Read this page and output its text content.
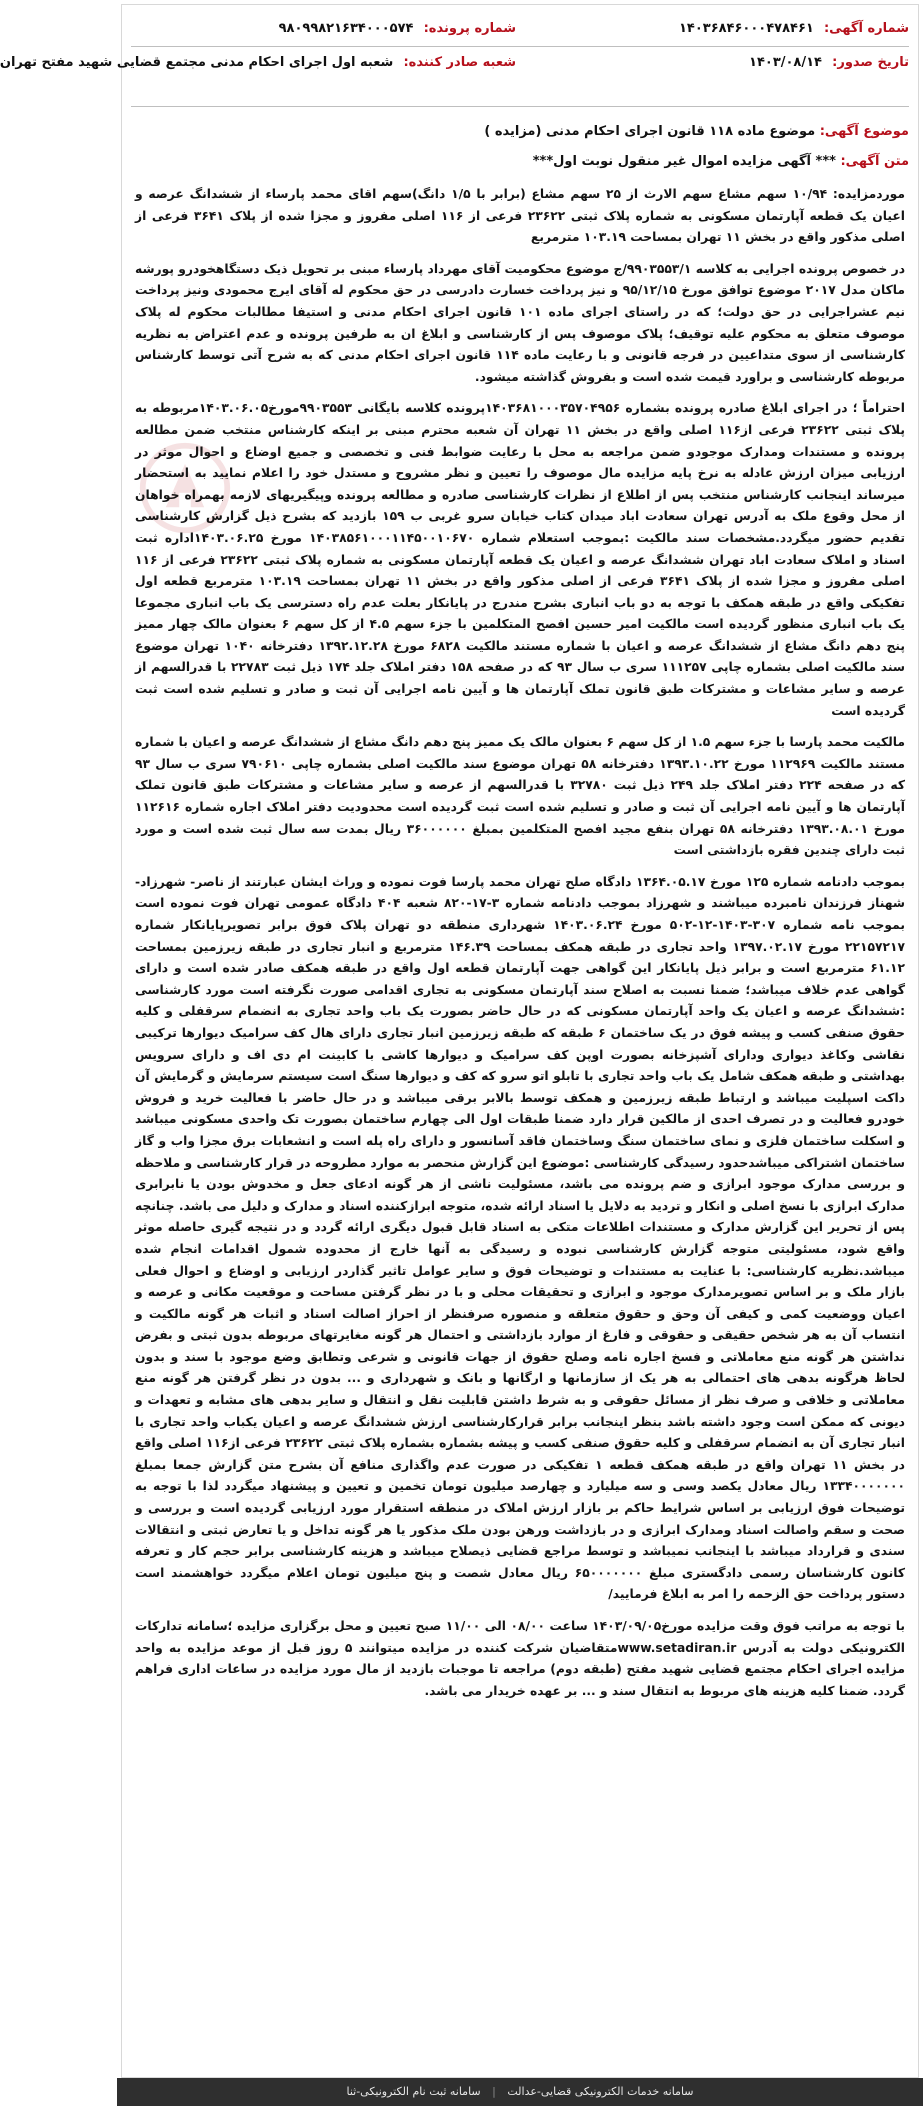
شماره آگهی: ۱۴۰۳۶۸۴۶۰۰۰۴۷۸۴۶۱
شماره پرونده: ۹۸۰۹۹۸۲۱۶۳۴۰۰۰۵۷۴
تاریخ صدور: ۱۴۰۳/۰۸/۱۴
شعبه صادر کننده: شعبه اول اجرای احکام مدنی مجتمع قضایی شهید مفتح تهران
موضوع آگهی: موضوع ماده ۱۱۸ قانون اجرای احکام مدنی (مزایده )
متن آگهی: *** آگهی مزایده اموال غیر منقول نوبت اول***

موردمزایده: ۱۰/۹۴ سهم مشاع سهم الارث از ۲۵ سهم مشاع (برابر با ۱/۵ دانگ)سهم اقای محمد پارساء از ششدانگ عرصه و اعیان یک قطعه آپارتمان مسکونی به شماره پلاک ثبتی ۲۳۶۲۲ فرعی از ۱۱۶ اصلی مفروز و مجزا شده از پلاک ۳۶۴۱ فرعی از اصلی مذکور واقع در بخش ۱۱ تهران بمساحت ۱۰۳.۱۹ مترمربع

در خصوص پرونده اجرایی به کلاسه ۹۹۰۳۵۵۳/۱/ج موضوع محکومیت آقای مهرداد پارساء مبنی بر تحویل ذیک دستگاهخودرو پورشه ماکان مدل ۲۰۱۷ موضوع توافق مورخ ۹۵/۱۲/۱۵ و نیز پرداخت خسارت دادرسی در حق محکوم له آقای ایرج محمودی ونیز پرداخت نیم عشراجرایی در حق دولت؛ که در راستای اجرای ماده ۱۰۱ قانون اجرای احکام مدنی و استیفا مطالبات محکوم له پلاک موصوف متعلق به محکوم علیه توقیف؛ پلاک موصوف پس از کارشناسی و ابلاغ ان به طرفین پرونده و عدم اعتراض به نظریه کارشناسی از سوی متداعیین در فرجه قانونی و با رعایت ماده ۱۱۴ قانون اجرای احکام مدنی که به شرح آتی توسط کارشناس مربوطه کارشناسی و براورد قیمت شده است و بفروش گذاشته میشود.

احتراماً ؛ در اجرای ابلاغ صادره پرونده بشماره ۱۴۰۳۶۸۱۰۰۰۳۵۷۰۴۹۵۶پرونده کلاسه بایگانی ۹۹۰۳۵۵۳مورخ۱۴۰۳.۰۶.۰۵مربوطه به پلاک ثبتی ۲۳۶۲۲ فرعی از۱۱۶ اصلی واقع در بخش ۱۱ تهران آن شعبه محترم مبنی بر اینکه کارشناس منتخب ضمن مطالعه پرونده و مستندات ومدارک موجودو ضمن مراجعه به محل با رعایت ضوابط فنی و تخصصی و جمیع اوضاع و احوال موثر در ارزیابی میزان ارزش عادله به نرخ پایه مزایده مال موصوف را تعیین و نظر مشروح و مستدل خود را اعلام نمایید به استحضار میرساند اینجانب کارشناس منتخب پس از اطلاع از نظرات کارشناسی صادره و مطالعه پرونده وپیگیریهای لازمه بهمراه خواهان از محل وقوع ملک به آدرس تهران سعادت اباد میدان کتاب خیابان سرو غربی ب ۱۵۹ بازدید که بشرح ذیل گزارش کارشناسی تقدیم حضور میگردد.مشخصات سند مالکیت :بموجب استعلام شماره ۱۴۰۳۸۵۶۱۰۰۰۱۱۴۵۰۰۱۰۶۷۰ مورخ ۱۴۰۳.۰۶.۲۵اداره ثبت اسناد و املاک سعادت اباد تهران ششدانگ عرصه و اعیان یک قطعه آپارتمان مسکونی به شماره پلاک ثبتی ۲۳۶۲۲ فرعی از ۱۱۶ اصلی مفروز و مجزا شده از پلاک ۳۶۴۱ فرعی از اصلی مذکور واقع در بخش ۱۱ تهران بمساحت ۱۰۳.۱۹ مترمربع قطعه اول تفکیکی واقع در طبقه همکف با توجه به دو باب انباری بشرح مندرج در پایانکار بعلت عدم راه دسترسی یک باب انباری مجموعا یک باب انباری منظور گردیده است مالکیت امیر حسین افصح المتکلمین با جزء سهم ۴.۵ از کل سهم ۶ بعنوان مالک چهار ممیز پنج دهم دانگ مشاع از ششدانگ عرصه و اعیان با شماره مستند مالکیت ۶۸۲۸ مورخ ۱۳۹۲.۱۲.۲۸ دفترخانه ۱۰۴۰ تهران موضوع سند مالکیت اصلی بشماره چاپی ۱۱۱۲۵۷ سری ب سال ۹۳ که در صفحه ۱۵۸ دفتر املاک جلد ۱۷۴ ذیل ثبت ۲۲۷۸۳ با قدرالسهم از عرصه و سایر مشاعات و مشترکات طبق قانون تملک آپارتمان ها و آیین نامه اجرایی آن ثبت و صادر و تسلیم شده است ثبت گردیده است

مالکیت محمد پارسا با جزء سهم ۱.۵ از کل سهم ۶ بعنوان مالک یک ممیز پنج دهم دانگ مشاع از ششدانگ عرصه و اعیان با شماره مستند مالکیت ۱۱۲۹۶۹ مورخ ۱۳۹۳.۱۰.۲۲ دفترخانه ۵۸ تهران موضوع سند مالکیت اصلی بشماره چاپی ۷۹۰۶۱۰ سری ب سال ۹۳ که در صفحه ۲۲۴ دفتر املاک جلد ۲۴۹ ذیل ثبت ۳۲۷۸۰ با قدرالسهم از عرصه و سایر مشاعات و مشترکات طبق قانون تملک آپارتمان ها و آیین نامه اجرایی آن ثبت و صادر و تسلیم شده است ثبت گردیده است محدودیت دفتر املاک اجاره شماره ۱۱۲۶۱۶ مورخ ۱۳۹۳.۰۸.۰۱ دفترخانه ۵۸ تهران بنفع مجید افصح المتکلمین بمبلغ ۳۶۰۰۰۰۰۰ ریال بمدت سه سال ثبت شده است و مورد ثبت دارای چندین فقره بازداشتی است

بموجب دادنامه شماره ۱۲۵ مورخ ۱۳۶۴.۰۵.۱۷ دادگاه صلح تهران محمد پارسا فوت نموده و وراث ایشان عبارتند از ناصر- شهرزاد-شهناز فرزندان نامبرده میباشند و شهرزاد بموجب دادنامه شماره ۳-۱۷-۸۲۰ شعبه ۴۰۴ دادگاه عمومی تهران فوت نموده است بموجب نامه شماره ۳۰۷-۱۴۰۳-۱۲-۵۰۲ مورخ ۱۴۰۳.۰۶.۲۴ شهرداری منطقه دو تهران پلاک فوق برابر تصویرپایانکار شماره ۲۲۱۵۷۲۱۷ مورخ ۱۳۹۷.۰۲.۱۷ واحد تجاری در طبقه همکف بمساحت ۱۴۶.۳۹ مترمربع و انبار تجاری در طبقه زیرزمین بمساحت ۶۱.۱۲ مترمربع است و برابر ذیل پایانکار این گواهی جهت آپارتمان قطعه اول واقع در طبقه همکف صادر شده است و دارای گواهی عدم خلاف میباشد؛ ضمنا نسبت به اصلاح سند آپارتمان مسکونی به تجاری اقدامی صورت نگرفته است مورد کارشناسی :ششدانگ عرصه و اعیان یک واحد آپارتمان مسکونی که در حال حاضر بصورت یک باب واحد تجاری به انضمام سرقفلی و کلیه حقوق صنفی کسب و پیشه فوق در یک ساختمان ۶ طبقه که طبقه زیرزمین انبار تجاری دارای هال کف سرامیک دیوارها ترکیبی نقاشی وکاغذ دیواری ودارای آشپزخانه بصورت اوپن کف سرامیک و دیوارها کاشی با کابینت ام دی اف و دارای سرویس بهداشتی و طبقه همکف شامل یک باب واحد تجاری با تابلو اتو سرو که کف و دیوارها سنگ است سیستم سرمایش و گرمایش آن داکت اسپلیت میباشد و ارتباط طبقه زیرزمین و همکف توسط بالابر برقی میباشد و در حال حاضر با فعالیت خرید و فروش خودرو فعالیت و در تصرف احدی از مالکین قرار دارد ضمنا طبقات اول الی چهارم ساختمان بصورت تک واحدی مسکونی میباشد و اسکلت ساختمان فلزی و نمای ساختمان سنگ وساختمان فاقد آسانسور و دارای راه پله است و انشعابات برق مجزا واب و گاز ساختمان اشتراکی میباشدحدود رسیدگی کارشناسی :موضوع این گزارش منحصر به موارد مطروحه در قرار کارشناسی و ملاحظه و بررسی مدارک موجود ابرازی و ضم پرونده می باشد، مسئولیت ناشی از هر گونه ادعای جعل و مخدوش بودن یا نابرابری مدارک ابرازی با نسخ اصلی و انکار و تردید به دلایل یا اسناد ارائه شده، متوجه ابرازکننده اسناد و مدارک و دلیل می باشد. چنانچه پس از تحریر این گزارش مدارک و مستندات اطلاعات متکی به اسناد قابل قبول دیگری ارائه گردد و در نتیجه گیری حاصله موثر واقع شود، مسئولیتی متوجه گزارش کارشناسی نبوده و رسیدگی به آنها خارج از محدوده شمول اقدامات انجام شده میباشد.نظریه کارشناسی: با عنایت به مستندات و توضیحات فوق و سایر عوامل تاثیر گذاردر ارزیابی و اوضاع و احوال فعلی بازار ملک و بر اساس تصویرمدارک موجود و ابرازی و تحقیقات محلی و با در نظر گرفتن مساحت و موقعیت مکانی و عرصه و اعیان ووضعیت کمی و کیفی آن وحق و حقوق متعلقه و منصوره صرفنظر از احراز اصالت اسناد و اثبات هر گونه مالکیت و انتساب آن به هر شخص حقیقی و حقوقی و فارغ از موارد بازداشتی و احتمال هر گونه مغایرتهای مربوطه بدون ثبتی و بفرض نداشتن هر گونه منع معاملاتی و فسخ اجاره نامه وصلح حقوق از جهات قانونی و شرعی وتطابق وضع موجود با سند و بدون لحاظ هرگونه بدهی های احتمالی به هر یک از سازمانها و ارگانها و بانک و شهرداری و ... بدون در نظر گرفتن هر گونه منع معاملاتی و خلافی و صرف نظر از مسائل حقوقی و به شرط داشتن قابلیت نقل و انتقال و سایر بدهی های مشابه و تعهدات و دیونی که ممکن است وجود داشته باشد بنظر اینجانب برابر قرارکارشناسی ارزش ششدانگ عرصه و اعیان یکباب واحد تجاری با انبار تجاری آن به انضمام سرقفلی و کلیه حقوق صنفی کسب و پیشه بشماره بشماره پلاک ثبتی ۲۳۶۲۲ فرعی از۱۱۶ اصلی واقع در بخش ۱۱ تهران واقع در طبقه همکف قطعه ۱ تفکیکی در صورت عدم واگذاری منافع آن بشرح متن گزارش جمعا بمبلغ ۱۳۳۴۰۰۰۰۰۰۰ ریال معادل یکصد وسی و سه میلیارد و چهارصد میلیون تومان تخمین و تعیین و پیشنهاد میگردد لذا با توجه به توضیحات فوق ارزیابی بر اساس شرایط حاکم بر بازار ارزش املاک در منطقه استقرار مورد ارزیابی گردیده است و بررسی و صحت و سقم واصالت اسناد ومدارک ابرازی و در بازداشت ورهن بودن ملک مذکور یا هر گونه تداخل و یا تعارض ثبتی و انتقالات سندی و قرارداد میباشد با اینجانب نمیباشد و توسط مراجع قضایی ذیصلاح میباشد و هزینه کارشناسی برابر حجم کار و تعرفه کانون کارشناسان رسمی دادگستری مبلغ ۶۵۰۰۰۰۰۰۰ ریال معادل شصت و پنج میلیون تومان اعلام میگردد خواهشمند است دستور پرداخت حق الزحمه را امر به ابلاغ فرمایید/

با توجه به مراتب فوق وقت مزایده مورخ۱۴۰۳/۰۹/۰۵ ساعت ۰۸/۰۰ الی ۱۱/۰۰ صبح تعیین و محل برگزاری مزایده ؛سامانه تدارکات الکترونیکی دولت به آدرس www.setadiran.irمتقاضیان شرکت کننده در مزایده میتوانند ۵ روز قبل از موعد مزایده به واحد مزایده اجرای احکام مجتمع قضایی شهید مفتح (طبقه دوم) مراجعه تا موجبات بازدید از مال مورد مزایده در ساعات اداری فراهم گردد. ضمنا کلیه هزینه های مربوط به انتقال سند و ... بر عهده خریدار می باشد.

سامانه خدمات الکترونیکی قضایی-عدالت | سامانه ثبت نام الکترونیکی-ثنا
